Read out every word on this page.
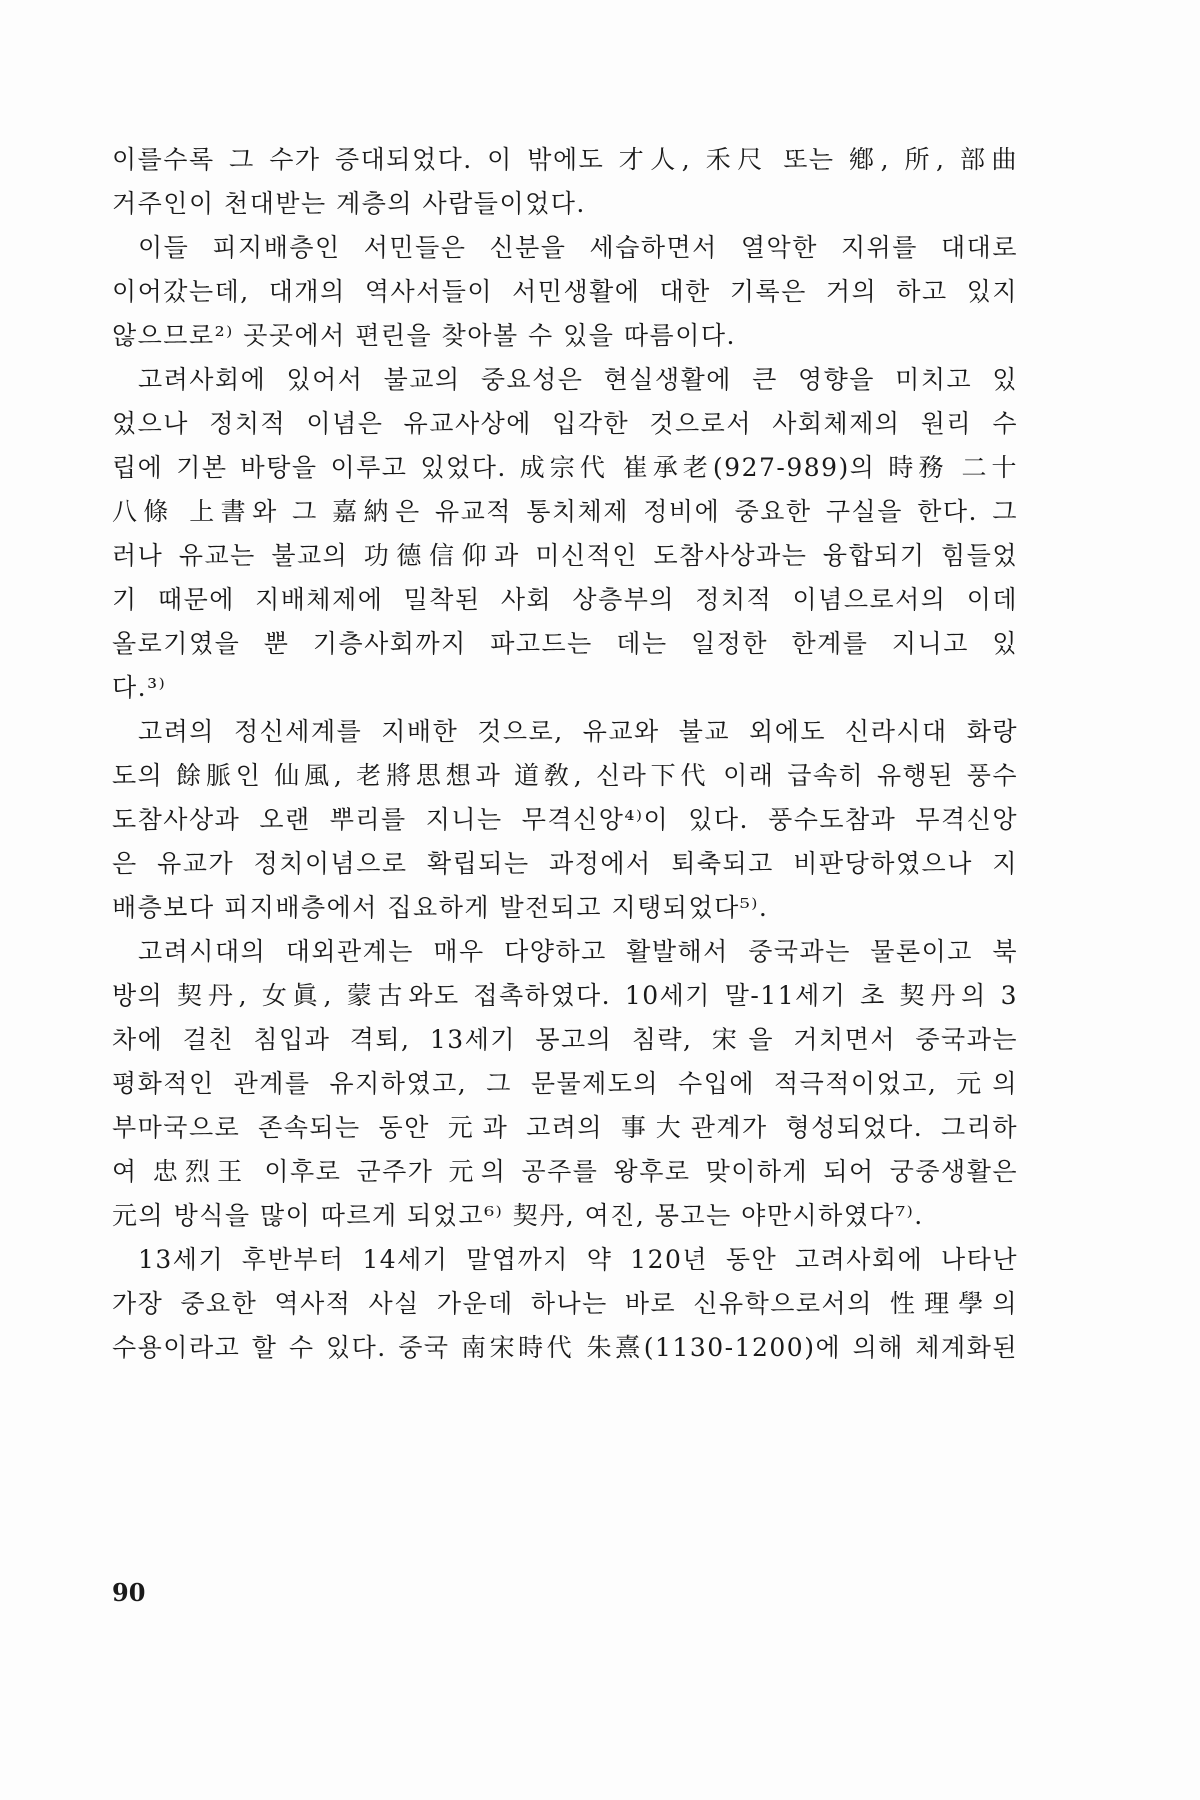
이를수록 그 수가 증대되었다. 이 밖에도 才人, 禾尺 또는 鄕, 所, 部曲
거주인이 천대받는 계층의 사람들이었다.
이들 피지배층인 서민들은 신분을 세습하면서 열악한 지위를 대대로
이어갔는데, 대개의 역사서들이 서민생활에 대한 기록은 거의 하고 있지
않으므로²⁾ 곳곳에서 편린을 찾아볼 수 있을 따름이다.
고려사회에 있어서 불교의 중요성은 현실생활에 큰 영향을 미치고 있
었으나 정치적 이념은 유교사상에 입각한 것으로서 사회체제의 원리 수
립에 기본 바탕을 이루고 있었다. 成宗代 崔承老(927-989)의 時務 二十
八條 上書와 그 嘉納은 유교적 통치체제 정비에 중요한 구실을 한다. 그
러나 유교는 불교의 功德信仰과 미신적인 도참사상과는 융합되기 힘들었
기 때문에 지배체제에 밀착된 사회 상층부의 정치적 이념으로서의 이데
올로기였을 뿐 기층사회까지 파고드는 데는 일정한 한계를 지니고 있
다.³⁾
고려의 정신세계를 지배한 것으로, 유교와 불교 외에도 신라시대 화랑
도의 餘脈인 仙風, 老將思想과 道敎, 신라下代 이래 급속히 유행된 풍수
도참사상과 오랜 뿌리를 지니는 무격신앙⁴⁾이 있다. 풍수도참과 무격신앙
은 유교가 정치이념으로 확립되는 과정에서 퇴축되고 비판당하였으나 지
배층보다 피지배층에서 집요하게 발전되고 지탱되었다⁵⁾.
고려시대의 대외관계는 매우 다양하고 활발해서 중국과는 물론이고 북
방의 契丹, 女眞, 蒙古와도 접촉하였다. 10세기 말-11세기 초 契丹의 3
차에 걸친 침입과 격퇴, 13세기 몽고의 침략, 宋을 거치면서 중국과는
평화적인 관계를 유지하였고, 그 문물제도의 수입에 적극적이었고, 元의
부마국으로 존속되는 동안 元과 고려의 事大관계가 형성되었다. 그리하
여 忠烈王 이후로 군주가 元의 공주를 왕후로 맞이하게 되어 궁중생활은
元의 방식을 많이 따르게 되었고⁶⁾ 契丹, 여진, 몽고는 야만시하였다⁷⁾.
13세기 후반부터 14세기 말엽까지 약 120년 동안 고려사회에 나타난
가장 중요한 역사적 사실 가운데 하나는 바로 신유학으로서의 性理學의
수용이라고 할 수 있다. 중국 南宋時代 朱熹(1130-1200)에 의해 체계화된
90
